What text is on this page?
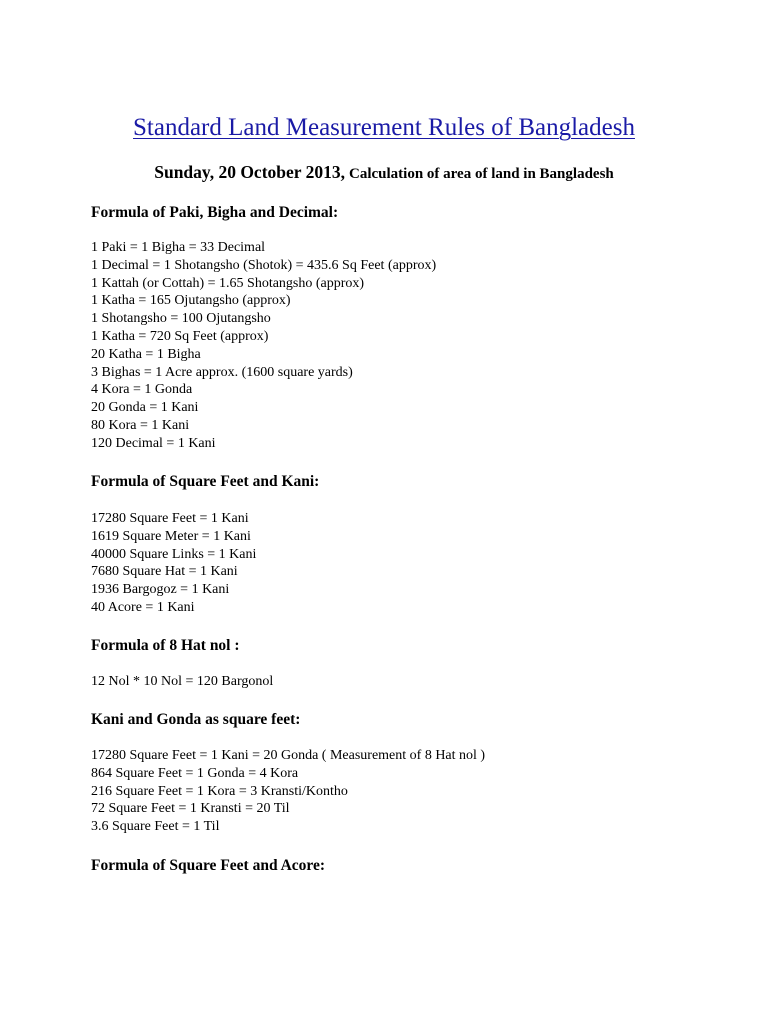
Standard Land Measurement Rules of Bangladesh
Sunday, 20 October 2013, Calculation of area of land in Bangladesh
Formula of Paki, Bigha and Decimal:
1 Paki = 1 Bigha = 33 Decimal
1 Decimal = 1 Shotangsho (Shotok) = 435.6 Sq Feet (approx)
1 Kattah (or Cottah) = 1.65 Shotangsho (approx)
1 Katha = 165 Ojutangsho (approx)
1 Shotangsho = 100 Ojutangsho
1 Katha = 720 Sq Feet (approx)
20 Katha = 1 Bigha
3 Bighas = 1 Acre approx. (1600 square yards)
4 Kora = 1 Gonda
20 Gonda = 1 Kani
80 Kora = 1 Kani
120 Decimal = 1 Kani
Formula of Square Feet and Kani:
17280 Square Feet = 1 Kani
1619 Square Meter = 1 Kani
40000 Square Links = 1 Kani
7680 Square Hat = 1 Kani
1936 Bargogoz = 1 Kani
40 Acore = 1 Kani
Formula of 8 Hat nol :
12 Nol * 10 Nol = 120 Bargonol
Kani and Gonda as square feet:
17280 Square Feet = 1 Kani = 20 Gonda ( Measurement of 8 Hat nol )
864 Square Feet = 1 Gonda = 4 Kora
216 Square Feet = 1 Kora = 3 Kransti/Kontho
72 Square Feet = 1 Kransti = 20 Til
3.6 Square Feet = 1 Til
Formula of Square Feet and Acore:
